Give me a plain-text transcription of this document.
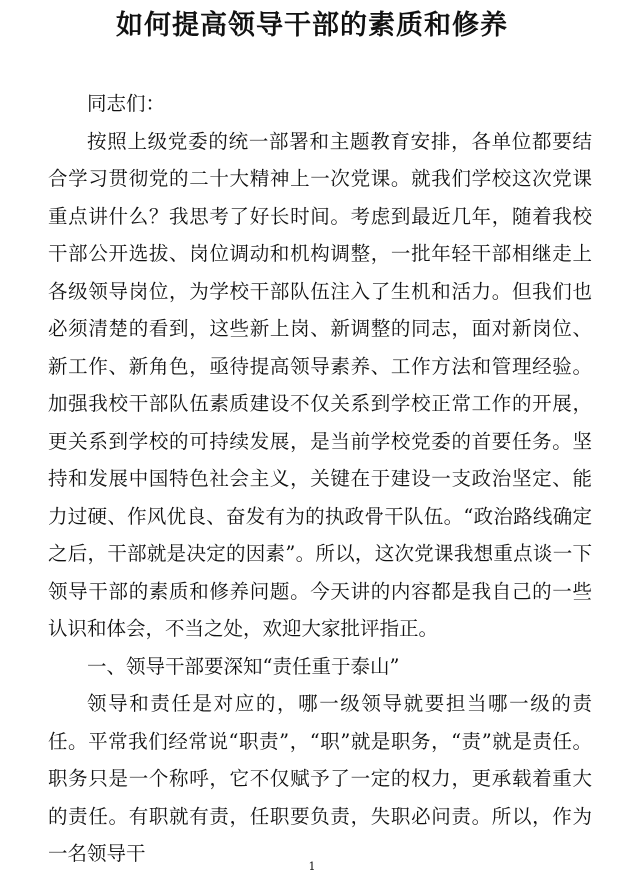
如何提高领导干部的素质和修养

同志们：

按照上级党委的统一部署和主题教育安排，各单位都要结合学习贯彻党的二十大精神上一次党课。就我们学校这次党课重点讲什么？我思考了好长时间。考虑到最近几年，随着我校干部公开选拔、岗位调动和机构调整，一批年轻干部相继走上各级领导岗位，为学校干部队伍注入了生机和活力。但我们也必须清楚的看到，这些新上岗、新调整的同志，面对新岗位、新工作、新角色，亟待提高领导素养、工作方法和管理经验。加强我校干部队伍素质建设不仅关系到学校正常工作的开展，更关系到学校的可持续发展，是当前学校党委的首要任务。坚持和发展中国特色社会主义，关键在于建设一支政治坚定、能力过硬、作风优良、奋发有为的执政骨干队伍。“政治路线确定之后，干部就是决定的因素”。所以，这次党课我想重点谈一下领导干部的素质和修养问题。今天讲的内容都是我自己的一些认识和体会，不当之处，欢迎大家批评指正。

一、领导干部要深知“责任重于泰山”

领导和责任是对应的，哪一级领导就要担当哪一级的责任。平常我们经常说“职责”，“职”就是职务，“责”就是责任。职务只是一个称呼，它不仅赋予了一定的权力，更承载着重大的责任。有职就有责，任职要负责，失职必问责。所以，作为一名领导干

1
